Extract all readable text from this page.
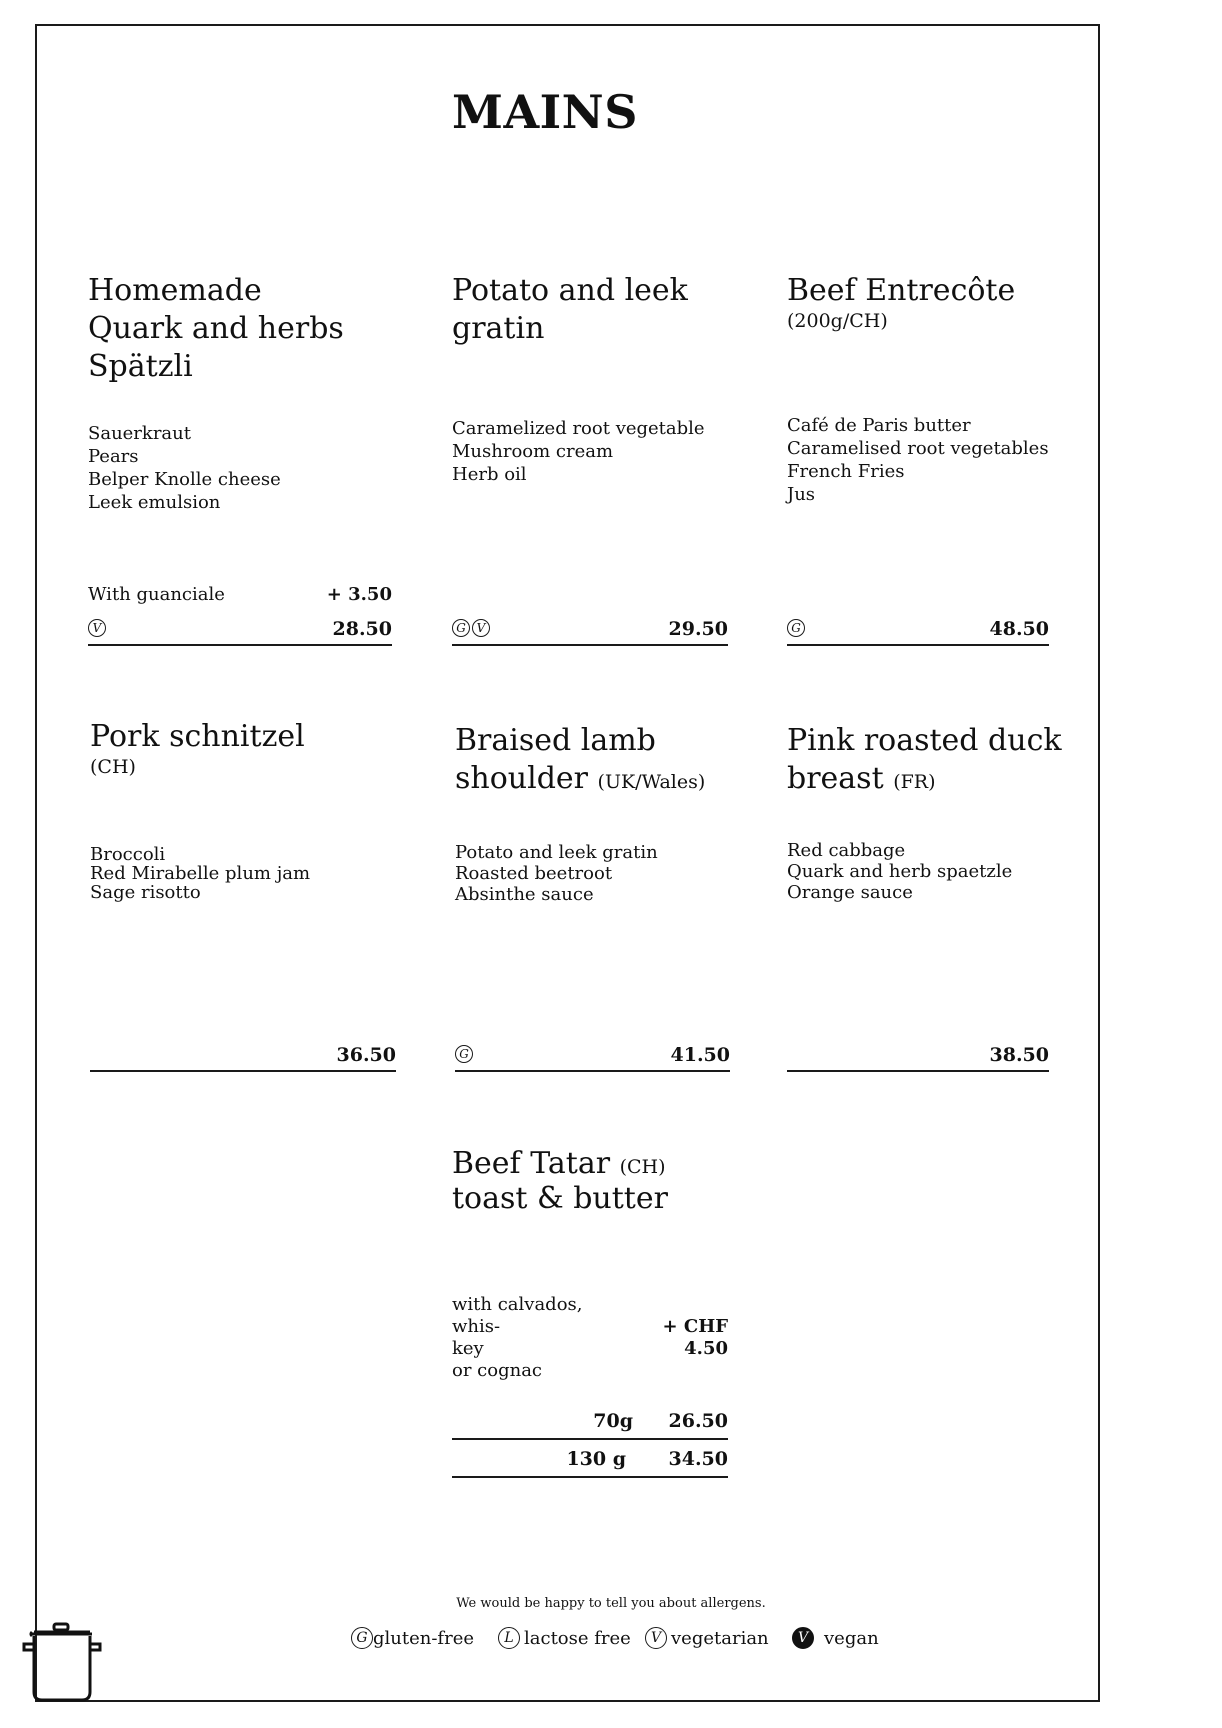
MAINS
Homemade
Quark and herbs
Spätzli
Sauerkraut
Pears
Belper Knolle cheese
Leek emulsion
With guanciale	+ 3.50
V	28.50
Potato and leek
gratin
Caramelized root vegetable
Mushroom cream
Herb oil
G V	29.50
Beef Entrecôte
(200g/CH)
Café de Paris butter
Caramelised root vegetables
French Fries
Jus
G	48.50
Pork schnitzel
(CH)
Broccoli
Red Mirabelle plum jam
Sage risotto
36.50
Braised lamb
shoulder (UK/Wales)
Potato and leek gratin
Roasted beetroot
Absinthe sauce
G	41.50
Pink roasted duck
breast (FR)
Red cabbage
Quark and herb spaetzle
Orange sauce
38.50
Beef Tatar (CH)
toast & butter
with calvados, whis-
key
or cognac
+ CHF
4.50
70g 26.50
130 g 34.50
We would be happy to tell you about allergens.
G gluten-free	L lactose free	V vegetarian	V vegan
